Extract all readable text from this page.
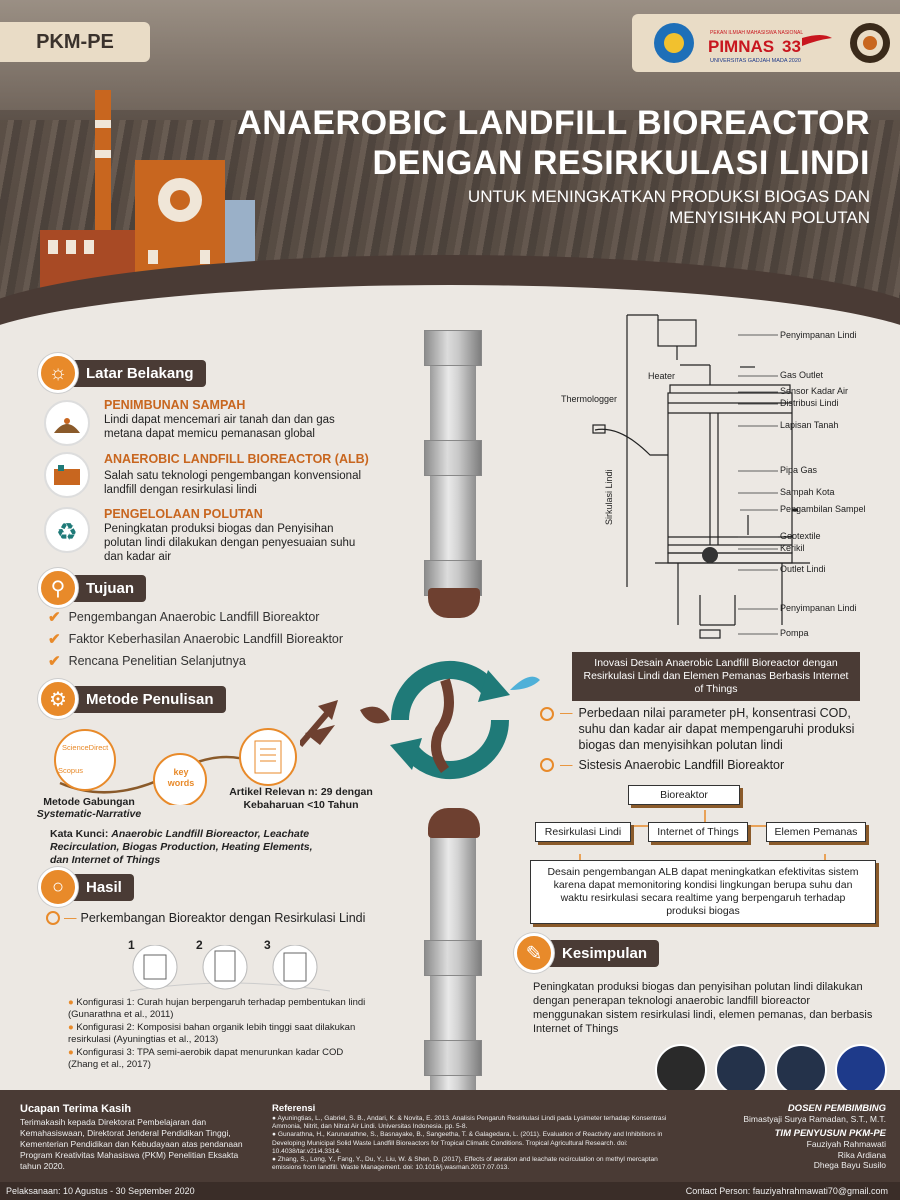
PKM-PE	PEKAN ILMIAH MAHASISWA NASIONAL
PIMNAS 33
UNIVERSITAS GADJAH MADA 2020
ANAEROBIC LANDFILL BIOREACTOR
DENGAN RESIRKULASI LINDI
UNTUK MENINGKATKAN PRODUKSI BIOGAS DAN MENYISIHKAN POLUTAN
☼	Latar Belakang
PENIMBUNAN SAMPAH
Lindi dapat mencemari air tanah dan dan gas metana dapat memicu pemanasan global
ANAEROBIC LANDFILL BIOREACTOR (ALB)
Salah satu teknologi pengembangan konvensional landfill dengan resirkulasi lindi
♻
PENGELOLAAN POLUTAN
Peningkatan produksi biogas dan Penyisihan polutan lindi dilakukan dengan penyesuaian suhu dan kadar air
⚲	Tujuan
✔ Pengembangan Anaerobic Landfill Bioreaktor
✔ Faktor Keberhasilan Anaerobic Landfill Bioreaktor
✔ Rencana Penelitian Selanjutnya
⚙	Metode Penulisan
ScienceDirect
Scopus	key words
Metode Gabungan
Systematic-Narrative
Artikel Relevan n: 29 dengan Kebaharuan <10 Tahun
Kata Kunci: Anaerobic Landfill Bioreactor, Leachate Recirculation, Biogas Production, Heating Elements, dan Internet of Things
○	Hasil
— Perkembangan Bioreaktor dengan Resirkulasi Lindi
1	2	3
● Konfigurasi 1: Curah hujan berpengaruh terhadap pembentukan lindi (Gunarathna et al., 2011)
● Konfigurasi 2: Komposisi bahan organik lebih tinggi saat dilakukan resirkulasi (Ayuningtias et al., 2013)
● Konfigurasi 3: TPA semi-aerobik dapat menurunkan kadar COD (Zhang et al., 2017)
Heater
Thermologger
Sirkulasi Lindi
Penyimpanan Lindi
Gas Outlet
Sensor Kadar Air
Distribusi Lindi
Lapisan Tanah
Pipa Gas
Sampah Kota
Pengambilan Sampel
Geotextile
Kerikil
Outlet Lindi
Penyimpanan Lindi
Pompa
Inovasi Desain Anaerobic Landfill Bioreactor dengan Resirkulasi Lindi dan Elemen Pemanas Berbasis Internet of Things
— Perbedaan nilai parameter pH, konsentrasi COD, suhu dan kadar air dapat mempengaruhi produksi biogas dan menyisihkan polutan lindi
— Sistesis Anaerobic Landfill Bioreaktor
Bioreaktor
Resirkulasi Lindi	Internet of Things	Elemen Pemanas
Desain pengembangan ALB dapat meningkatkan efektivitas sistem karena dapat memonitoring kondisi lingkungan berupa suhu dan waktu resirkulasi secara realtime yang berpengaruh terhadap produksi biogas
✎	Kesimpulan
Peningkatan produksi biogas dan penyisihan polutan lindi dilakukan dengan penerapan teknologi anaerobic landfill bioreactor menggunakan sistem resirkulasi lindi, elemen pemanas, dan berbasis Internet of Things
Ucapan Terima Kasih
Terimakasih kepada Direktorat Pembelajaran dan Kemahasiswaan, Direktorat Jenderal Pendidikan Tinggi, Kementerian Pendidikan dan Kebudayaan atas pendanaan Program Kreativitas Mahasiswa (PKM) Penelitian Eksakta tahun 2020.
Referensi
● Ayuningtias, L., Gabriel, S. B., Andari, K. & Novita, E. 2013. Analisis Pengaruh Resirkulasi Lindi pada Lysimeter terhadap Konsentrasi Ammonia, Nitrit, dan Nitrat Air Lindi. Universitas Indonesia. pp. 5-8.
● Gunarathna, H., Karunarathne, S., Basnayake, B., Sangeetha, T. & Galagedara, L. (2011). Evaluation of Reactivity and Inhibitions in Developing Municipal Solid Waste Landfill Bioreactors for Tropical Climatic Conditions. Tropical Agricultural Research. doi: 10.4038/tar.v21i4.3314.
● Zhang, S., Long, Y., Fang, Y., Du, Y., Liu, W. & Shen, D. (2017). Effects of aeration and leachate recirculation on methyl mercaptan emissions from landfill. Waste Management. doi: 10.1016/j.wasman.2017.07.013.
DOSEN PEMBIMBING
Bimastyaji Surya Ramadan, S.T., M.T.
TIM PENYUSUN PKM-PE
Fauziyah Rahmawati
Rika Ardiana
Dhega Bayu Susilo
Pelaksanaan: 10 Agustus - 30 September 2020	Contact Person: fauziyahrahmawati70@gmail.com
